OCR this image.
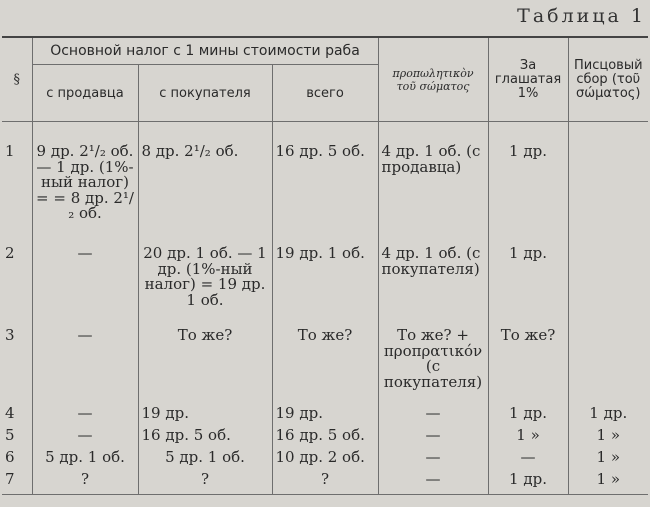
Таблица 1
§	Основной налог с 1 мины стоимости раба			προπωλητικὸν τοῦ σώματος	За глашатая 1%	Писцовый сбор (τοῦ σώματος)
	с продавца	с покупателя	всего			
1	9 др. 2¹/₂ об. — 1 др. (1%-ный налог) = = 8 др. 2¹/₂ об.	8 др. 2¹/₂ об.	16 др. 5 об.	4 др. 1 об. (с продавца)	1 др.	
2	—	20 др. 1 об. — 1 др. (1%-ный налог) = 19 др. 1 об.	19 др. 1 об.	4 др. 1 об. (с покупателя)	1 др.	
3	—	То же?	То же?	То же? + προπρατικόν (с покупателя)	То же?	
4	—	19 др.	19 др.	—	1 др.	1 др.
5	—	16 др. 5 об.	16 др. 5 об.	—	1 »	1 »
6	5 др. 1 об.	5 др. 1 об.	10 др. 2 об.	—	—	1 »
7	?	?	?	—	1 др.	1 »
